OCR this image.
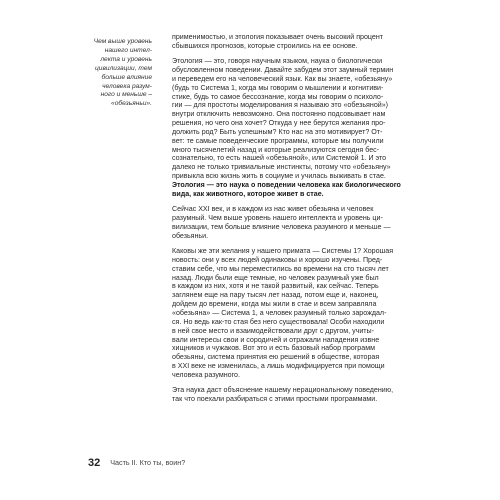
Чем выше уровень
нашего интел-
лекта и уровень
цивилизации, тем
больше влияние
человека разум-
ного и меньше –
«обезьяньи».
применимостью, и этология показывает очень высокий процент
сбывшихся прогнозов, которые строились на ее основе.
Этология — это, говоря научным языком, наука о биологически
обусловленном поведении. Давайте забудем этот заумный термин
и переведем его на человеческий язык. Как вы знаете, «обезьяну»
(будь то Система 1, когда мы говорим о мышлении и когнитиви-
стике, будь то самое бессознание, когда мы говорим о психоло-
гии — для простоты моделирования я называю это «обезьяной»)
внутри отключить невозможно. Она постоянно подсовывает нам
решения, но чего она хочет? Откуда у нее берутся желания про-
должить род? Быть успешным? Кто нас на это мотивирует? От-
вет: те самые поведенческие программы, которые мы получили
много тысячелетий назад и которые реализуются сегодня бес-
сознательно, то есть нашей «обезьяной», или Системой 1. И это
далеко не только тривиальные инстинкты, потому что «обезьяну»
привыкла всю жизнь жить в социуме и училась выживать в стае.
Этология — это наука о поведении человека как биологического
вида, как животного, которое живет в стае.
Сейчас XXI век, и в каждом из нас живет обезьяна и человек
разумный. Чем выше уровень нашего интеллекта и уровень ци-
вилизации, тем больше влияние человека разумного и меньше —
обезьяньи.
Каковы же эти желания у нашего примата — Системы 1? Хорошая
новость: они у всех людей одинаковы и хорошо изучены. Пред-
ставим себе, что мы переместились во времени на сто тысяч лет
назад. Люди были еще темные, но человек разумный уже был
в каждом из них, хотя и не такой развитый, как сейчас. Теперь
заглянем еще на пару тысяч лет назад, потом еще и, наконец,
дойдем до времени, когда мы жили в стае и всем заправляла
«обезьяна» — Система 1, а человек разумный только зарождал-
ся. Но ведь как-то стая без него существовала! Особи находили
в ней свое место и взаимодействовали друг с другом, учиты-
вали интересы свои и сородичей и отражали нападения извне
хищников и чужаков. Вот это и есть базовый набор программ
обезьяны, система принятия ею решений в обществе, которая
в XXI веке не изменилась, а лишь модифицируется при помощи
человека разумного.
Эта наука даст объяснение нашему нерациональному поведению,
так что поехали разбираться с этими простыми программами.
32 Часть II. Кто ты, воин?
